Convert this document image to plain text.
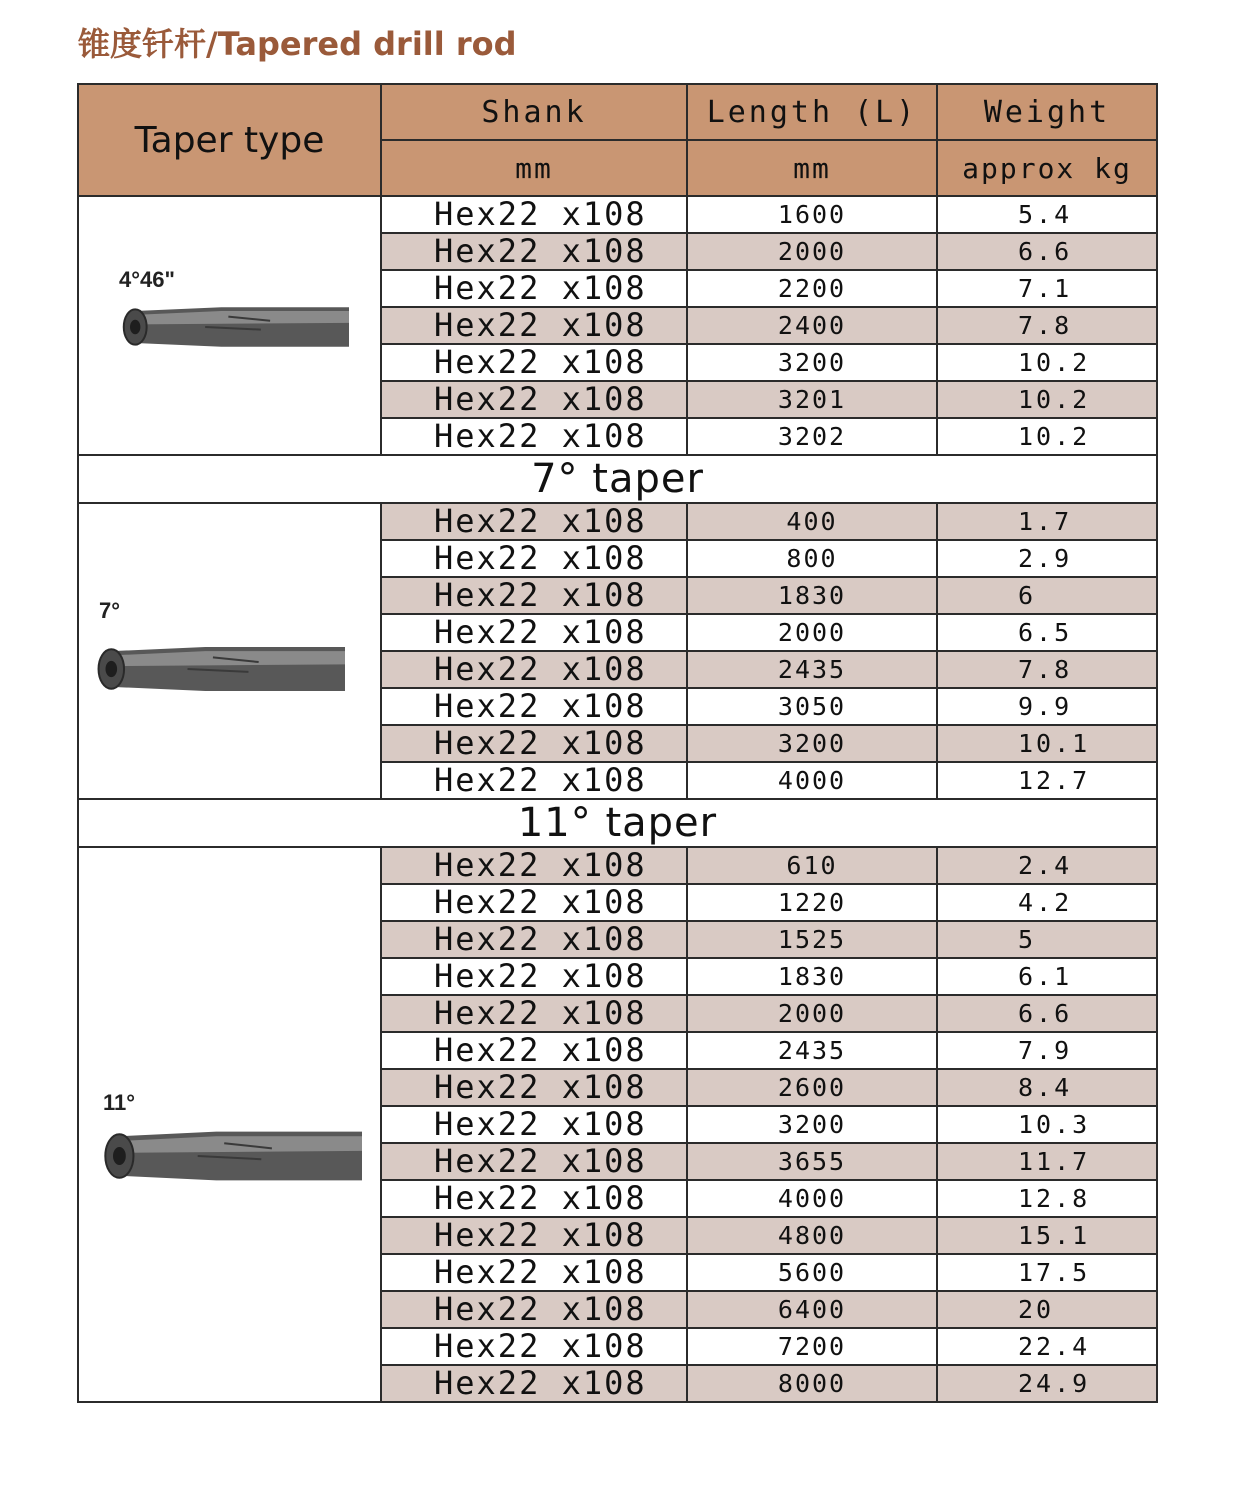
锥度钎杆/Tapered drill rod
Taper type	Shank	Length (L)	Weight
	mm	mm	approx kg

4°46"	Hex22 x108	1600	5.4
	Hex22 x108	2000	6.6
	Hex22 x108	2200	7.1
	Hex22 x108	2400	7.8
	Hex22 x108	3200	10.2
	Hex22 x108	3201	10.2
	Hex22 x108	3202	10.2
7° taper			

7°	Hex22 x108	400	1.7
	Hex22 x108	800	2.9
	Hex22 x108	1830	6
	Hex22 x108	2000	6.5
	Hex22 x108	2435	7.8
	Hex22 x108	3050	9.9
	Hex22 x108	3200	10.1
	Hex22 x108	4000	12.7
11° taper			

11°	Hex22 x108	610	2.4
	Hex22 x108	1220	4.2
	Hex22 x108	1525	5
	Hex22 x108	1830	6.1
	Hex22 x108	2000	6.6
	Hex22 x108	2435	7.9
	Hex22 x108	2600	8.4
	Hex22 x108	3200	10.3
	Hex22 x108	3655	11.7
	Hex22 x108	4000	12.8
	Hex22 x108	4800	15.1
	Hex22 x108	5600	17.5
	Hex22 x108	6400	20
	Hex22 x108	7200	22.4
	Hex22 x108	8000	24.9
